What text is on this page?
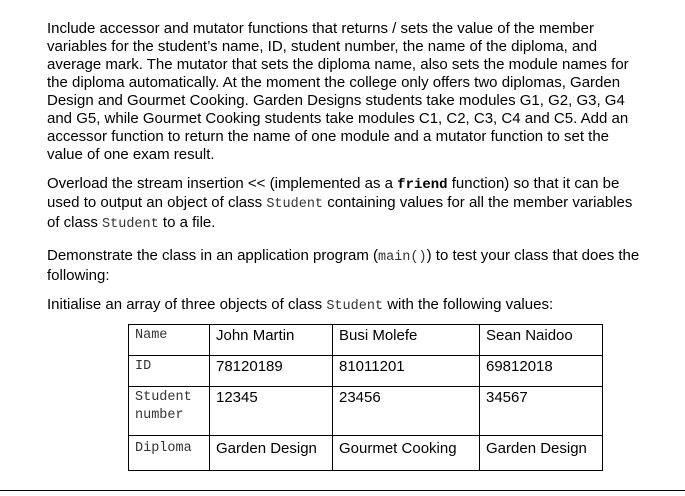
Include accessor and mutator functions that returns / sets the value of the member variables for the student’s name, ID, student number, the name of the diploma, and average mark. The mutator that sets the diploma name, also sets the module names for the diploma automatically. At the moment the college only offers two diplomas, Garden Design and Gourmet Cooking. Garden Designs students take modules G1, G2, G3, G4 and G5, while Gourmet Cooking students take modules C1, C2, C3, C4 and C5. Add an accessor function to return the name of one module and a mutator function to set the value of one exam result.

Overload the stream insertion << (implemented as a friend function) so that it can be used to output an object of class Student containing values for all the member variables of class Student to a file.

Demonstrate the class in an application program (main()) to test your class that does the following:

Initialise an array of three objects of class Student with the following values:

Name	John Martin	Busi Molefe	Sean Naidoo
ID	78120189	81011201	69812018
Student number	12345	23456	34567
Diploma	Garden Design	Gourmet Cooking	Garden Design
